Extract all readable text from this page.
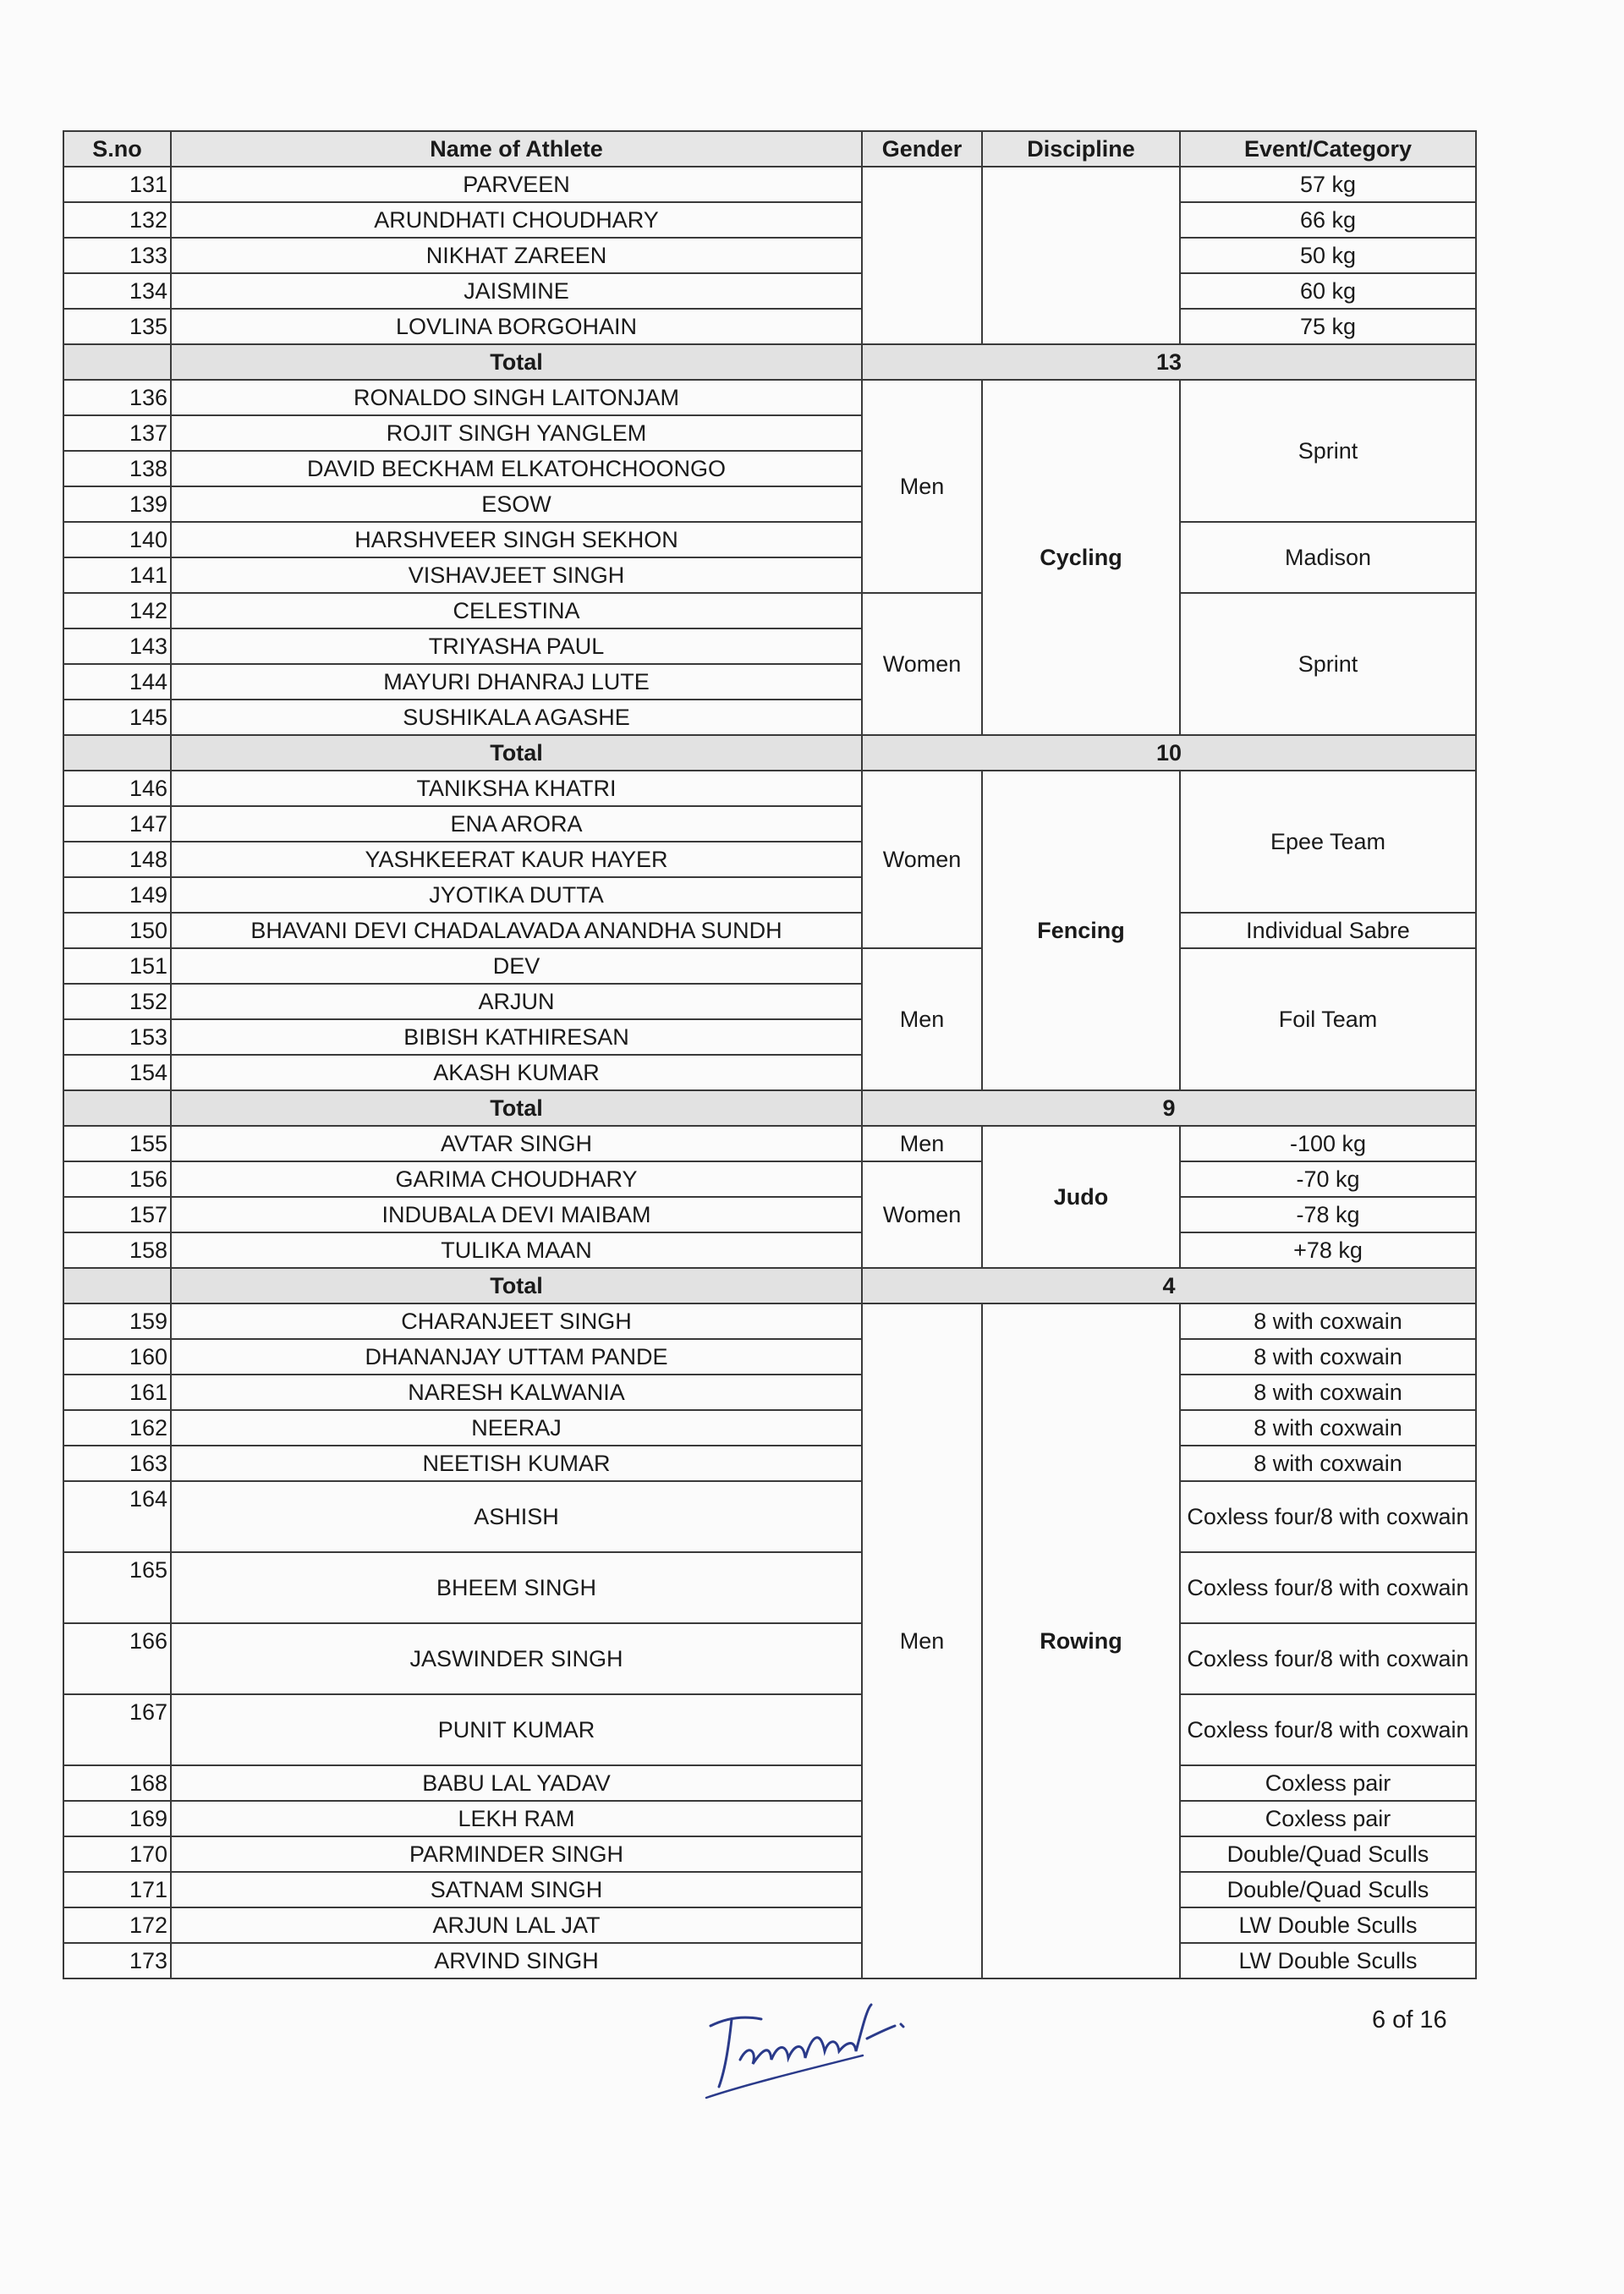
S.no	Name of Athlete	Gender	Discipline	Event/Category
131	PARVEEN			57 kg
132	ARUNDHATI CHOUDHARY			66 kg
133	NIKHAT ZAREEN			50 kg
134	JAISMINE			60 kg
135	LOVLINA BORGOHAIN			75 kg
	Total	13		
136	RONALDO SINGH LAITONJAM	Men	Cycling	Sprint
137	ROJIT SINGH YANGLEM			
138	DAVID BECKHAM ELKATOHCHOONGO			
139	ESOW			
140	HARSHVEER SINGH SEKHON			Madison
141	VISHAVJEET SINGH			
142	CELESTINA	Women		Sprint
143	TRIYASHA PAUL			
144	MAYURI DHANRAJ LUTE			
145	SUSHIKALA AGASHE			
	Total	10		
146	TANIKSHA KHATRI	Women	Fencing	Epee Team
147	ENA ARORA			
148	YASHKEERAT KAUR HAYER			
149	JYOTIKA DUTTA			
150	BHAVANI DEVI CHADALAVADA ANANDHA SUNDH			Individual Sabre
151	DEV	Men		Foil Team
152	ARJUN			
153	BIBISH KATHIRESAN			
154	AKASH KUMAR			
	Total	9		
155	AVTAR SINGH	Men	Judo	-100 kg
156	GARIMA CHOUDHARY	Women		-70 kg
157	INDUBALA DEVI MAIBAM			-78 kg
158	TULIKA MAAN			+78 kg
	Total	4		
159	CHARANJEET SINGH	Men	Rowing	8 with coxwain
160	DHANANJAY UTTAM PANDE			8 with coxwain
161	NARESH KALWANIA			8 with coxwain
162	NEERAJ			8 with coxwain
163	NEETISH KUMAR			8 with coxwain
164	ASHISH			Coxless four/8 with coxwain
165	BHEEM SINGH			Coxless four/8 with coxwain
166	JASWINDER SINGH			Coxless four/8 with coxwain
167	PUNIT KUMAR			Coxless four/8 with coxwain
168	BABU LAL YADAV			Coxless pair
169	LEKH RAM			Coxless pair
170	PARMINDER SINGH			Double/Quad Sculls
171	SATNAM SINGH			Double/Quad Sculls
172	ARJUN LAL JAT			LW Double Sculls
173	ARVIND SINGH			LW Double Sculls
6 of 16
